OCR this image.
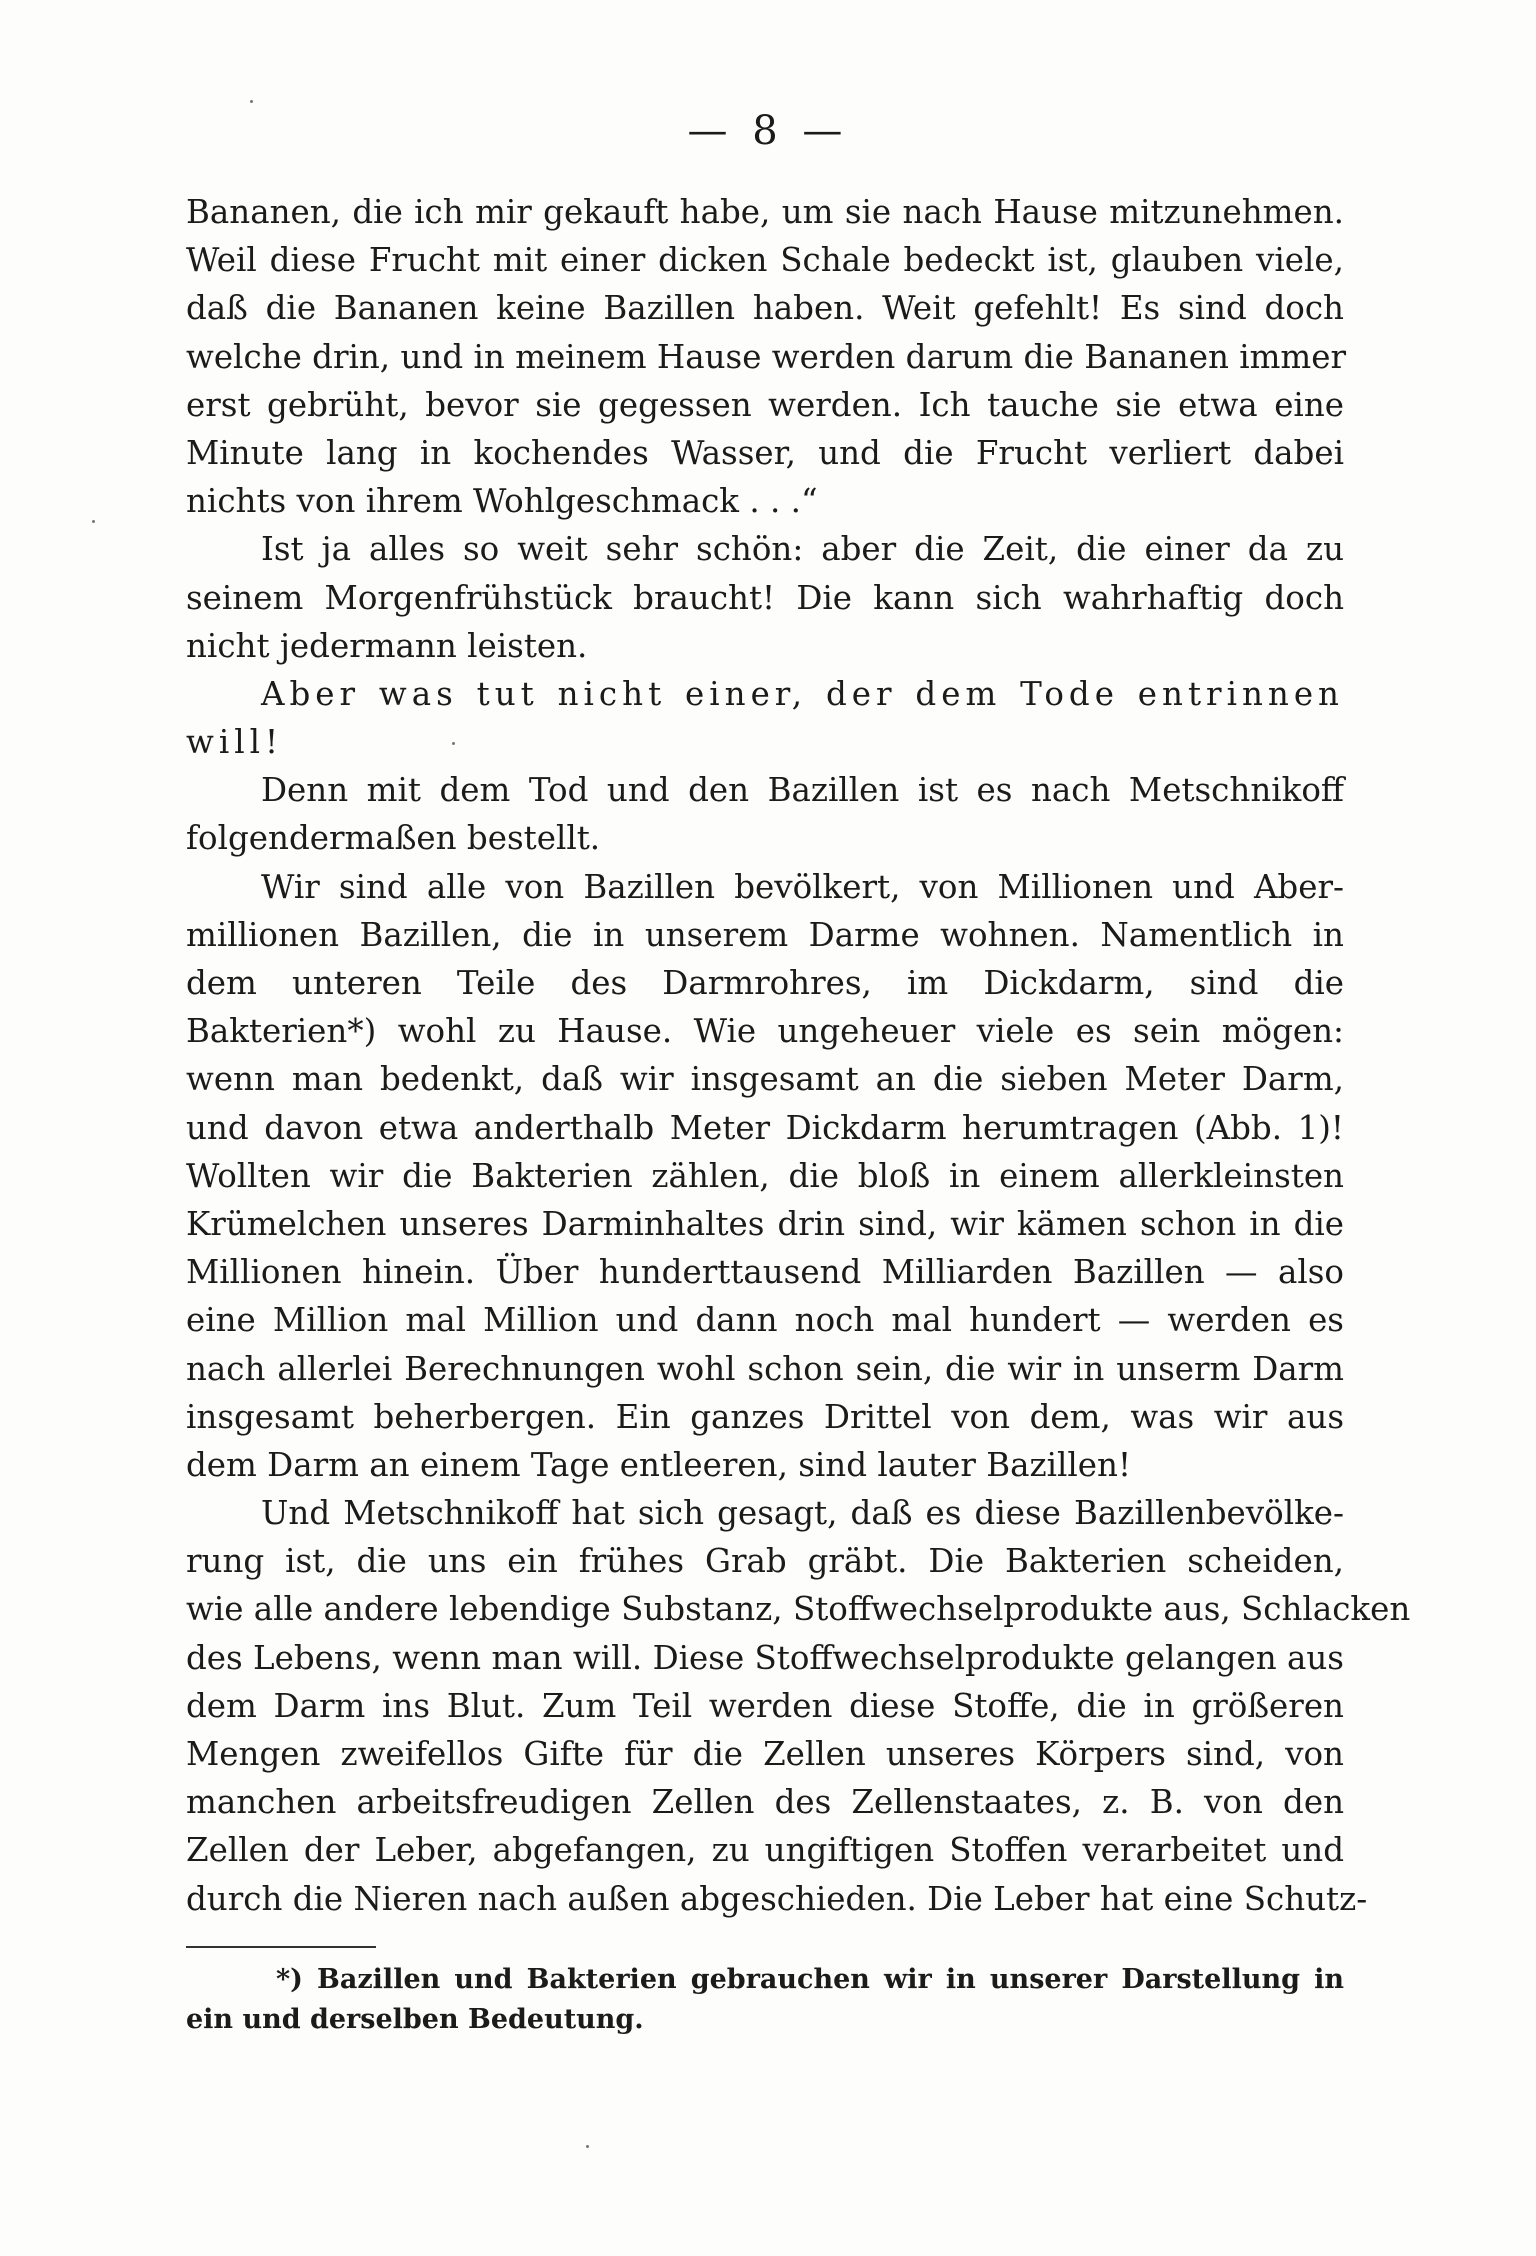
— 8 —
Bananen, die ich mir gekauft habe, um sie nach Hause mitzunehmen.
Weil diese Frucht mit einer dicken Schale bedeckt ist, glauben viele,
daß die Bananen keine Bazillen haben. Weit gefehlt! Es sind doch
welche drin, und in meinem Hause werden darum die Bananen immer
erst gebrüht, bevor sie gegessen werden. Ich tauche sie etwa eine
Minute lang in kochendes Wasser, und die Frucht verliert dabei
nichts von ihrem Wohlgeschmack . . .“
Ist ja alles so weit sehr schön: aber die Zeit, die einer da zu
seinem Morgenfrühstück braucht! Die kann sich wahrhaftig doch
nicht jedermann leisten.
Aber was tut nicht einer, der dem Tode entrinnen
will!
Denn mit dem Tod und den Bazillen ist es nach Metschnikoff
folgendermaßen bestellt.
Wir sind alle von Bazillen bevölkert, von Millionen und Aber-
millionen Bazillen, die in unserem Darme wohnen. Namentlich in
dem unteren Teile des Darmrohres, im Dickdarm, sind die
Bakterien*) wohl zu Hause. Wie ungeheuer viele es sein mögen:
wenn man bedenkt, daß wir insgesamt an die sieben Meter Darm,
und davon etwa anderthalb Meter Dickdarm herumtragen (Abb. 1)!
Wollten wir die Bakterien zählen, die bloß in einem allerkleinsten
Krümelchen unseres Darminhaltes drin sind, wir kämen schon in die
Millionen hinein. Über hunderttausend Milliarden Bazillen — also
eine Million mal Million und dann noch mal hundert — werden es
nach allerlei Berechnungen wohl schon sein, die wir in unserm Darm
insgesamt beherbergen. Ein ganzes Drittel von dem, was wir aus
dem Darm an einem Tage entleeren, sind lauter Bazillen!
Und Metschnikoff hat sich gesagt, daß es diese Bazillenbevölke-
rung ist, die uns ein frühes Grab gräbt. Die Bakterien scheiden,
wie alle andere lebendige Substanz, Stoffwechselprodukte aus, Schlacken
des Lebens, wenn man will. Diese Stoffwechselprodukte gelangen aus
dem Darm ins Blut. Zum Teil werden diese Stoffe, die in größeren
Mengen zweifellos Gifte für die Zellen unseres Körpers sind, von
manchen arbeitsfreudigen Zellen des Zellenstaates, z. B. von den
Zellen der Leber, abgefangen, zu ungiftigen Stoffen verarbeitet und
durch die Nieren nach außen abgeschieden. Die Leber hat eine Schutz-
*) Bazillen und Bakterien gebrauchen wir in unserer Darstellung in
ein und derselben Bedeutung.
